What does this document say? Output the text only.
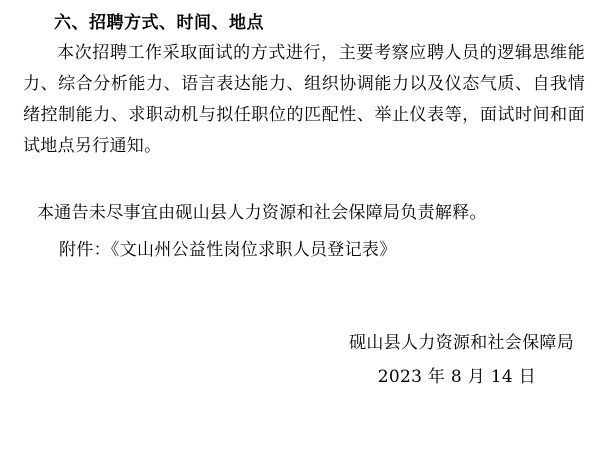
六、招聘方式、时间、地点

本次招聘工作采取面试的方式进行，主要考察应聘人员的逻辑思维能力、综合分析能力、语言表达能力、组织协调能力以及仪态气质、自我情绪控制能力、求职动机与拟任职位的匹配性、举止仪表等，面试时间和面试地点另行通知。

本通告未尽事宜由砚山县人力资源和社会保障局负责解释。

附件：《文山州公益性岗位求职人员登记表》

砚山县人力资源和社会保障局
2023 年 8 月 14 日
